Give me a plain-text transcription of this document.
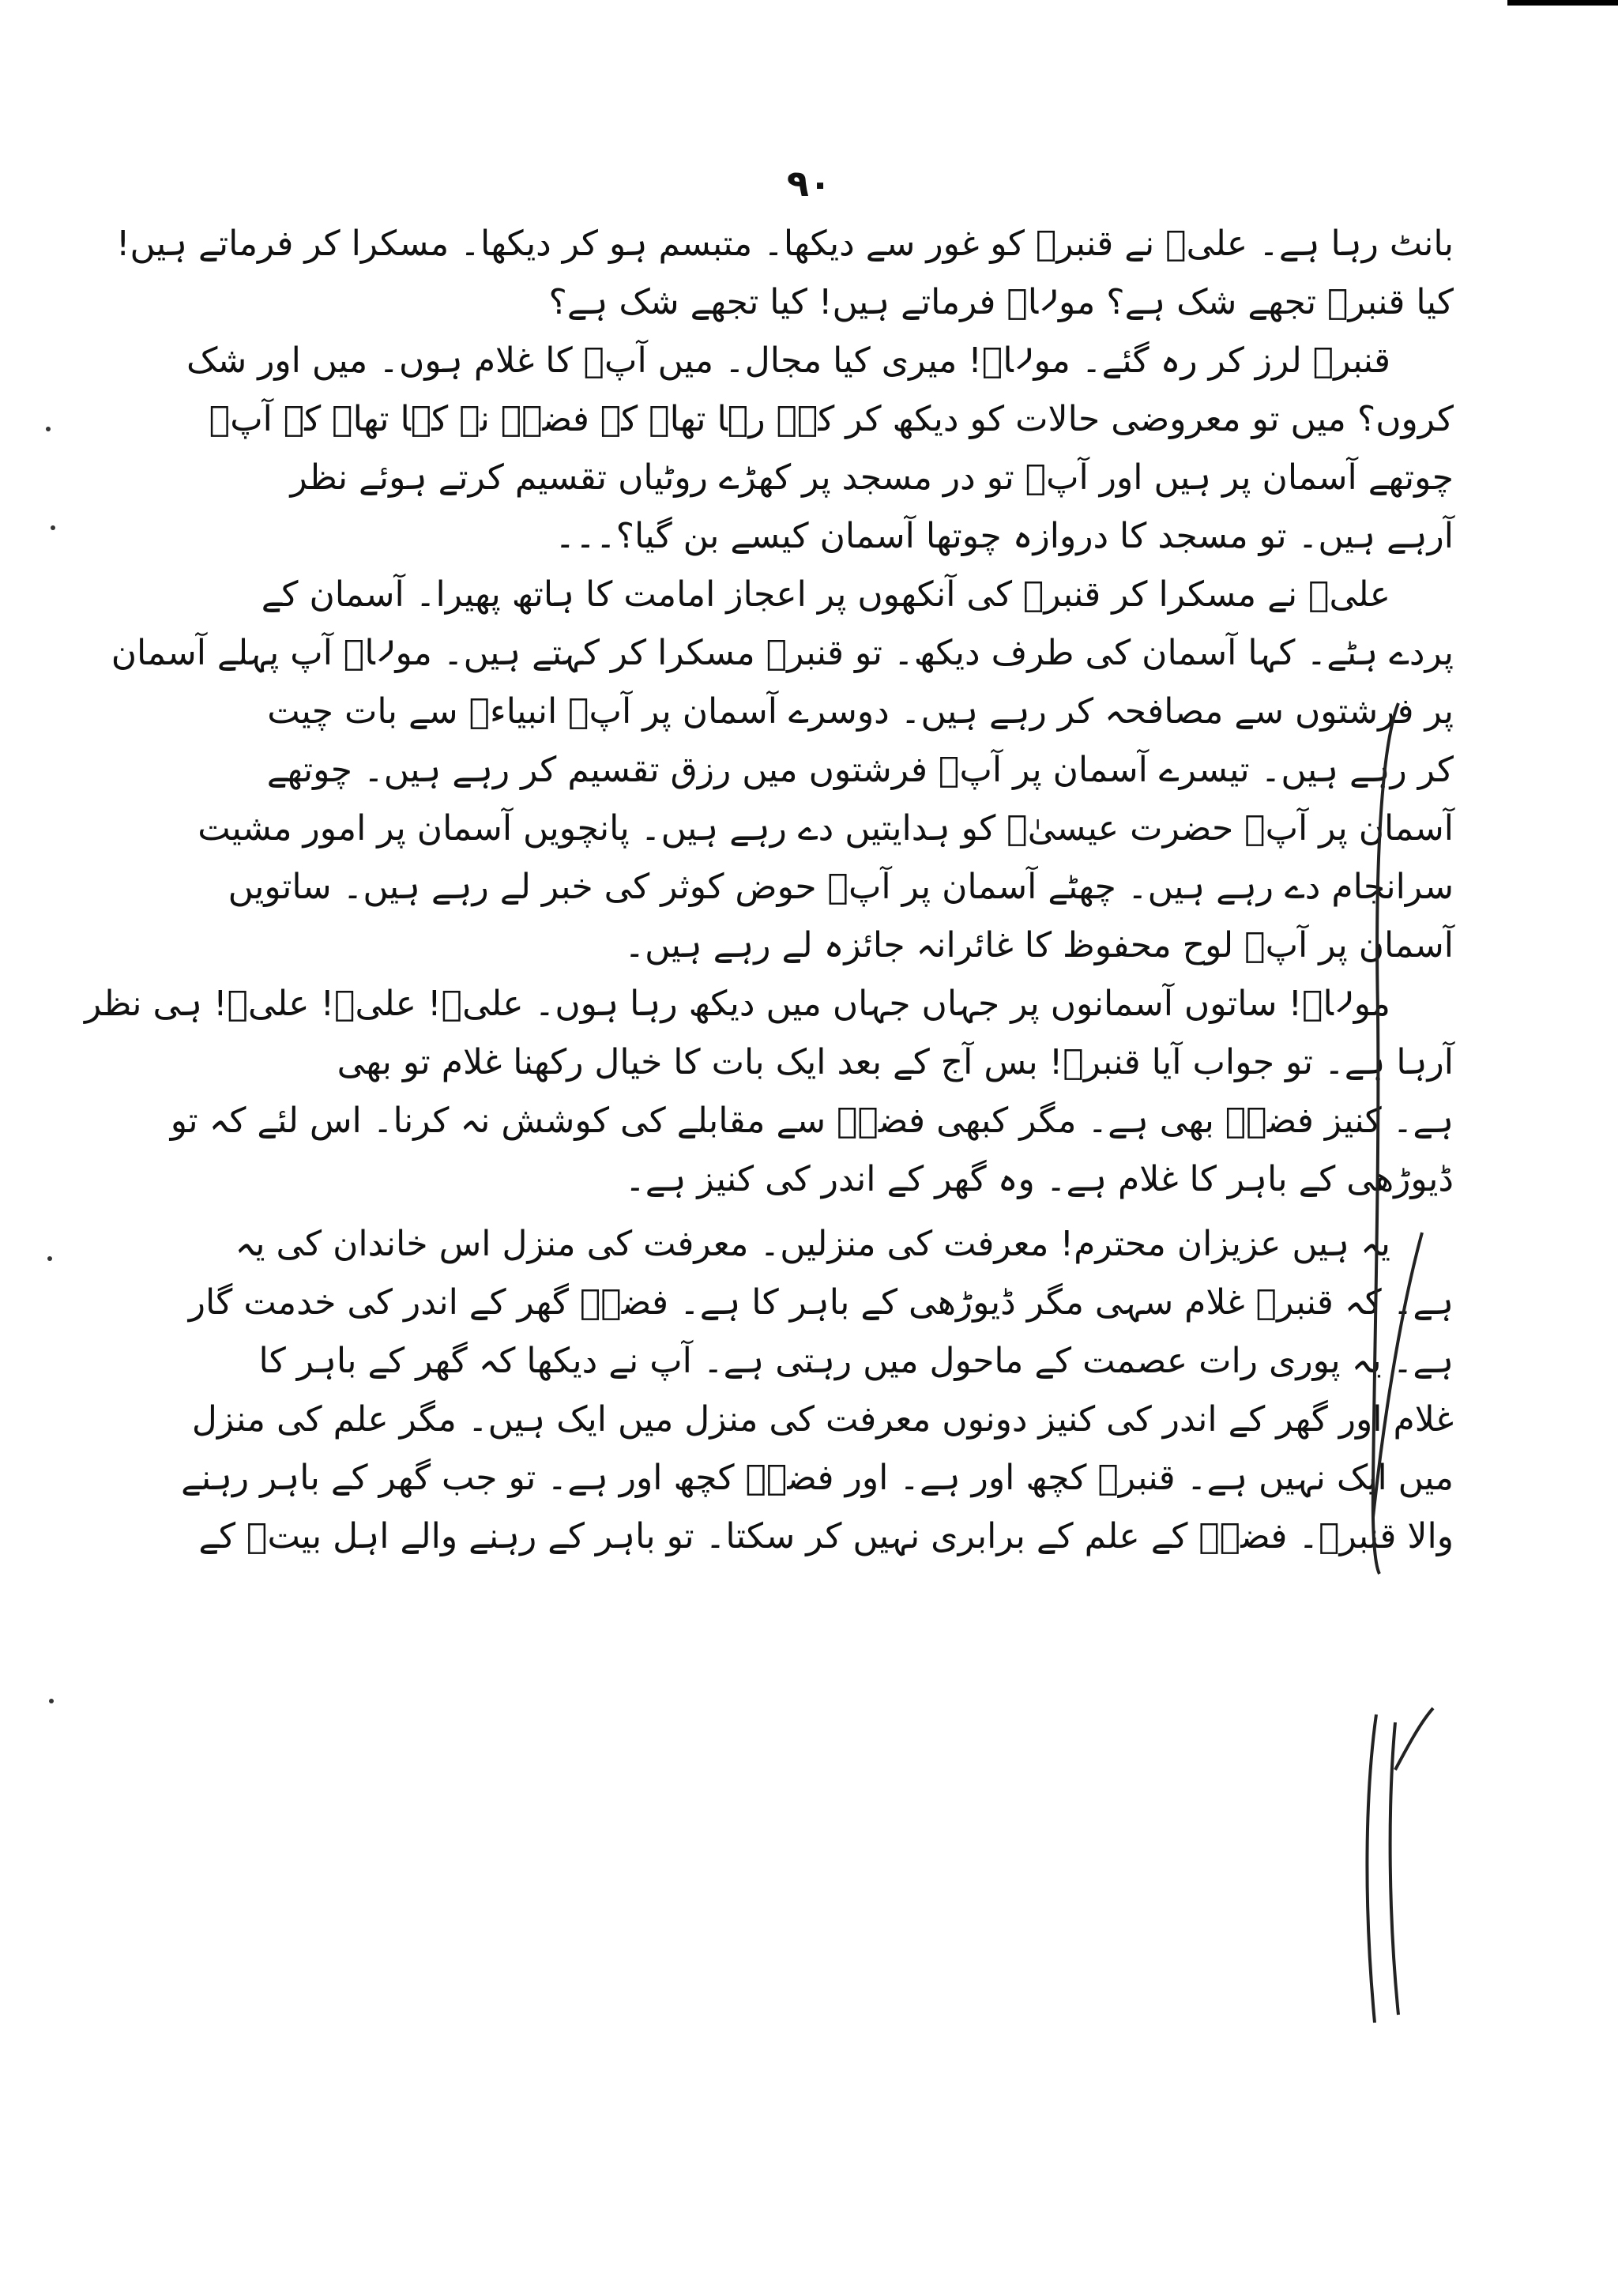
۹۰
بانٹ رہا ہے۔ علیؑ نے قنبرؓ کو غور سے دیکھا۔ متبسم ہو کر دیکھا۔ مسکرا کر فرماتے ہیں!
کیا قنبرؓ تجھے شک ہے؟ مولاؑ فرماتے ہیں! کیا تجھے شک ہے؟
قنبرؓ لرز کر رہ گئے۔ مولاؑ! میری کیا مجال۔ میں آپؑ کا غلام ہوں۔ میں اور شک
کروں؟ میں تو معروضی حالات کو دیکھ کر کہہ رہا تھا۔ کہ فضہؑ نے کہا تھا۔ کہ آپؑ
چوتھے آسمان پر ہیں اور آپؑ تو در مسجد پر کھڑے روٹیاں تقسیم کرتے ہوئے نظر
آرہے ہیں۔ تو مسجد کا دروازہ چوتھا آسمان کیسے بن گیا؟۔۔۔
علیؑ نے مسکرا کر قنبرؓ کی آنکھوں پر اعجاز امامت کا ہاتھ پھیرا۔ آسمان کے
پردے ہٹے۔ کہا آسمان کی طرف دیکھ۔ تو قنبرؓ مسکرا کر کہتے ہیں۔ مولاؑ آپ پہلے آسمان
پر فرشتوں سے مصافحہ کر رہے ہیں۔ دوسرے آسمان پر آپؑ انبیاءؑ سے بات چیت
کر رہے ہیں۔ تیسرے آسمان پر آپؑ فرشتوں میں رزق تقسیم کر رہے ہیں۔ چوتھے
آسمان پر آپؑ حضرت عیسیٰؑ کو ہدایتیں دے رہے ہیں۔ پانچویں آسمان پر امور مشیت
سرانجام دے رہے ہیں۔ چھٹے آسمان پر آپؑ حوض کوثر کی خبر لے رہے ہیں۔ ساتویں
آسمان پر آپؑ لوح محفوظ کا غائرانہ جائزہ لے رہے ہیں۔
مولاؑ! ساتوں آسمانوں پر جہاں جہاں میں دیکھ رہا ہوں۔ علیؑ! علیؑ! علیؑ! ہی نظر
آرہا ہے۔ تو جواب آیا قنبرؓ! بس آج کے بعد ایک بات کا خیال رکھنا غلام تو بھی
ہے۔ کنیز فضہؑ بھی ہے۔ مگر کبھی فضہؑ سے مقابلے کی کوشش نہ کرنا۔ اس لئے کہ تو
ڈیوڑھی کے باہر کا غلام ہے۔ وہ گھر کے اندر کی کنیز ہے۔
یہ ہیں عزیزان محترم! معرفت کی منزلیں۔ معرفت کی منزل اس خاندان کی یہ
ہے۔ کہ قنبرؓ غلام سہی مگر ڈیوڑھی کے باہر کا ہے۔ فضہؑ گھر کے اندر کی خدمت گار
ہے۔ یہ پوری رات عصمت کے ماحول میں رہتی ہے۔ آپ نے دیکھا کہ گھر کے باہر کا
غلام اور گھر کے اندر کی کنیز دونوں معرفت کی منزل میں ایک ہیں۔ مگر علم کی منزل
میں ایک نہیں ہے۔ قنبرؓ کچھ اور ہے۔ اور فضہؑ کچھ اور ہے۔ تو جب گھر کے باہر رہنے
والا قنبرؓ۔ فضہؑ کے علم کے برابری نہیں کر سکتا۔ تو باہر کے رہنے والے اہل بیتؑ کے
